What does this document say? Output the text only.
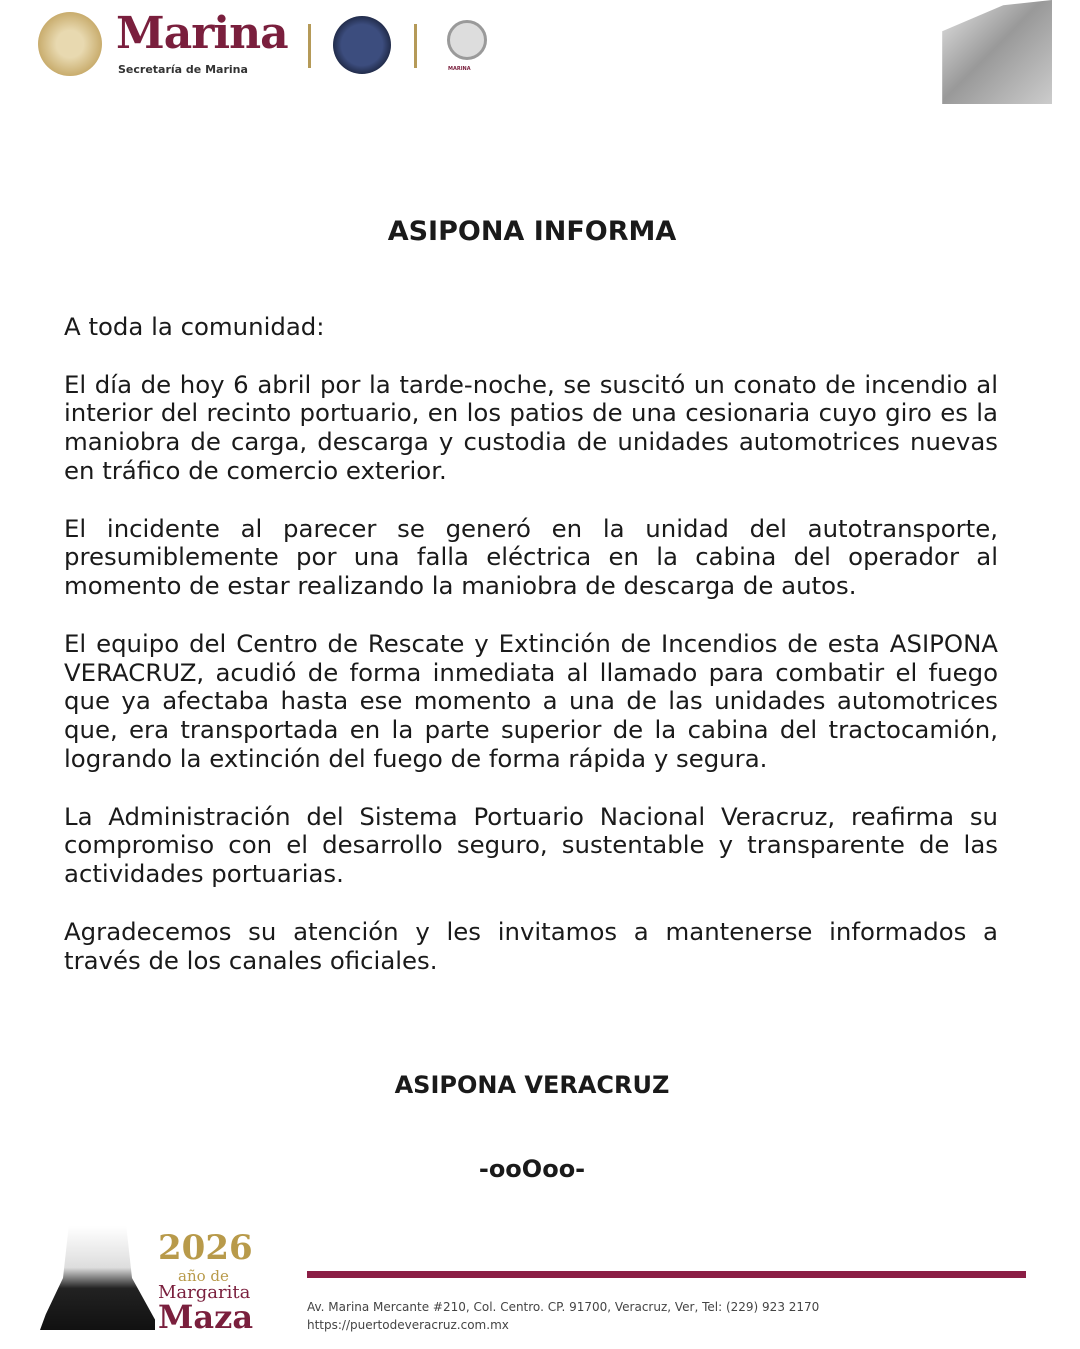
Marina
Secretaría de Marina	MARINA
ASIPONA INFORMA

A toda la comunidad:

El día de hoy 6 abril por la tarde-noche, se suscitó un conato de incendio al interior del recinto portuario, en los patios de una cesionaria cuyo giro es la maniobra de carga, descarga y custodia de unidades automotrices nuevas en tráfico de comercio exterior.

El incidente al parecer se generó en la unidad del autotransporte, presumiblemente por una falla eléctrica en la cabina del operador al momento de estar realizando la maniobra de descarga de autos.

El equipo del Centro de Rescate y Extinción de Incendios de esta ASIPONA VERACRUZ, acudió de forma inmediata al llamado para combatir el fuego que ya afectaba hasta ese momento a una de las unidades automotrices que, era transportada en la parte superior de la cabina del tractocamión, logrando la extinción del fuego de forma rápida y segura.

La Administración del Sistema Portuario Nacional Veracruz, reafirma su compromiso con el desarrollo seguro, sustentable y transparente de las actividades portuarias.

Agradecemos su atención y les invitamos a mantenerse informados a través de los canales oficiales.

ASIPONA VERACRUZ
-ooOoo-
2026
año de
Margarita
Maza	Av. Marina Mercante #210, Col. Centro. CP. 91700, Veracruz, Ver, Tel: (229) 923 2170
https://puertodeveracruz.com.mx
